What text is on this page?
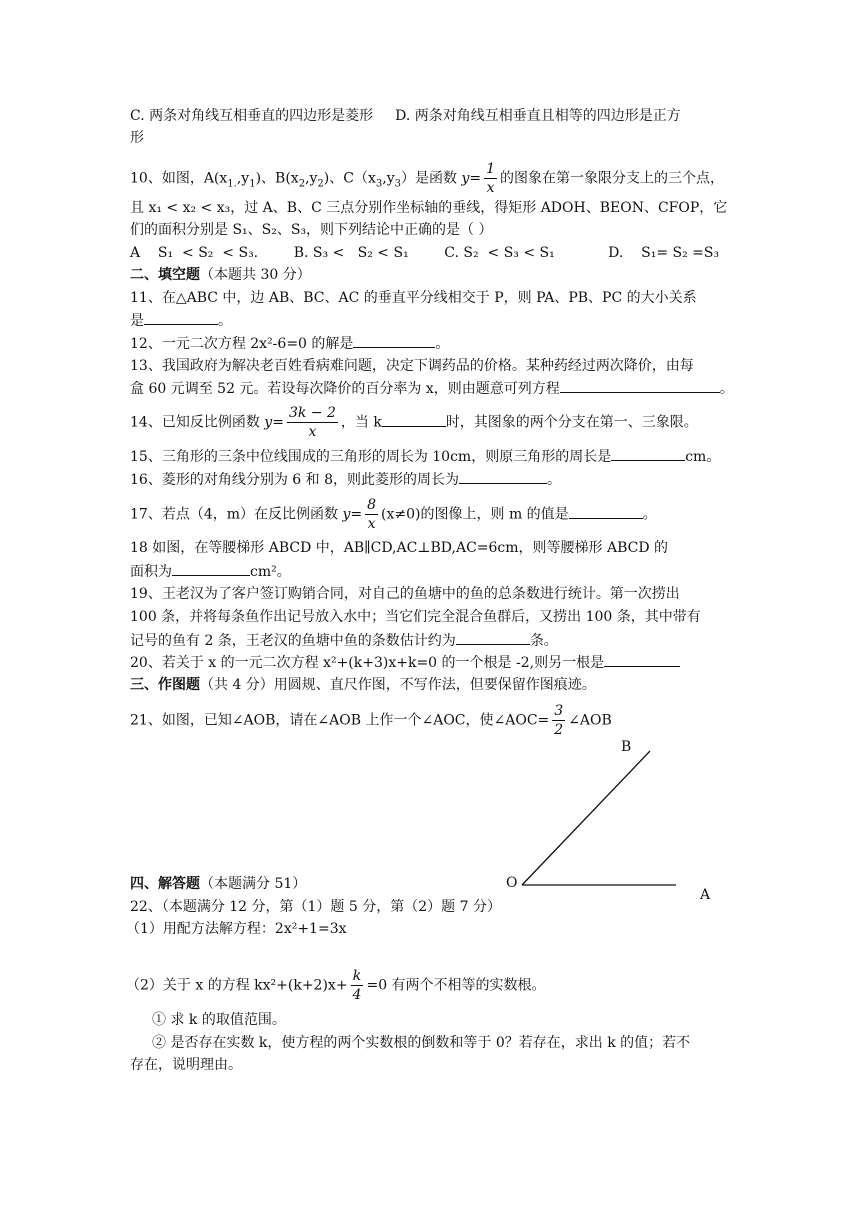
C. 两条对角线互相垂直的四边形是菱形 D. 两条对角线互相垂直且相等的四边形是正方
形
10、如图，$A(x_{1.},y_1)$、$B(x_2,y_2)$、$C(x_3,y_3)$是函数 $y= \frac{1}{x}$ 的图象在第一象限分支上的三个点，
且 x₁ < x₂ < x₃，过 A、B、C 三点分别作坐标轴的垂线，得矩形 ADOH、BEON、CFOP，它
们的面积分别是 S₁、S₂、S₃，则下列结论中正确的是（ ）
A    S₁  < S₂  < S₃.        B. S₃ <   S₂ < S₁        C. S₂  < S₃ < S₁            D.    S₁= S₂ =S₃
二、填空题（本题共 30 分）
11、在△ABC 中，边 AB、BC、AC 的垂直平分线相交于 P，则 PA、PB、PC 的大小关系
是	。
12、一元二次方程 2x²-6=0 的解是	。
13、我国政府为解决老百姓看病难问题，决定下调药品的价格。某种药经过两次降价，由每
盒 60 元调至 52 元。若设每次降价的百分率为 x，则由题意可列方程	。
14、已知反比例函数 $y= \frac{3k - 2}{x}$ ，当 k	时，其图象的两个分支在第一、三象限。
15、三角形的三条中位线围成的三角形的周长为 10cm，则原三角形的周长是	cm。
16、菱形的对角线分别为 6 和 8，则此菱形的周长为	。
17、若点（4，m）在反比例函数 $y= \frac{8}{x} (x\ne 0)$的图像上，则 m 的值是	。
18 如图，在等腰梯形 ABCD 中，AB∥CD,AC⊥BD,AC=6cm，则等腰梯形 ABCD 的
面积为	cm²。
19、王老汉为了客户签订购销合同，对自己的鱼塘中的鱼的总条数进行统计。第一次捞出
100 条，并将每条鱼作出记号放入水中；当它们完全混合鱼群后，又捞出 100 条，其中带有
记号的鱼有 2 条，王老汉的鱼塘中鱼的条数估计约为	条。
20、若关于 x 的一元二次方程 x²+(k+3)x+k=0 的一个根是 -2,则另一根是
三、作图题（共 4 分）用圆规、直尺作图，不写作法，但要保留作图痕迹。
21、如图，已知∠AOB，请在∠AOB 上作一个∠AOC，使∠AOC= $\frac{3}{2}$ ∠AOB
B
O
A
四、解答题（本题满分 51）
22、（本题满分 12 分，第（1）题 5 分，第（2）题 7 分）
（1）用配方法解方程：2x²+1=3x
（2）关于 x 的方程 $kx^2+(k+2)x+ \frac{k}{4} =0$ 有两个不相等的实数根。
① 求 k 的取值范围。
② 是否存在实数 k，使方程的两个实数根的倒数和等于 0？若存在，求出 k 的值；若不
存在，说明理由。
